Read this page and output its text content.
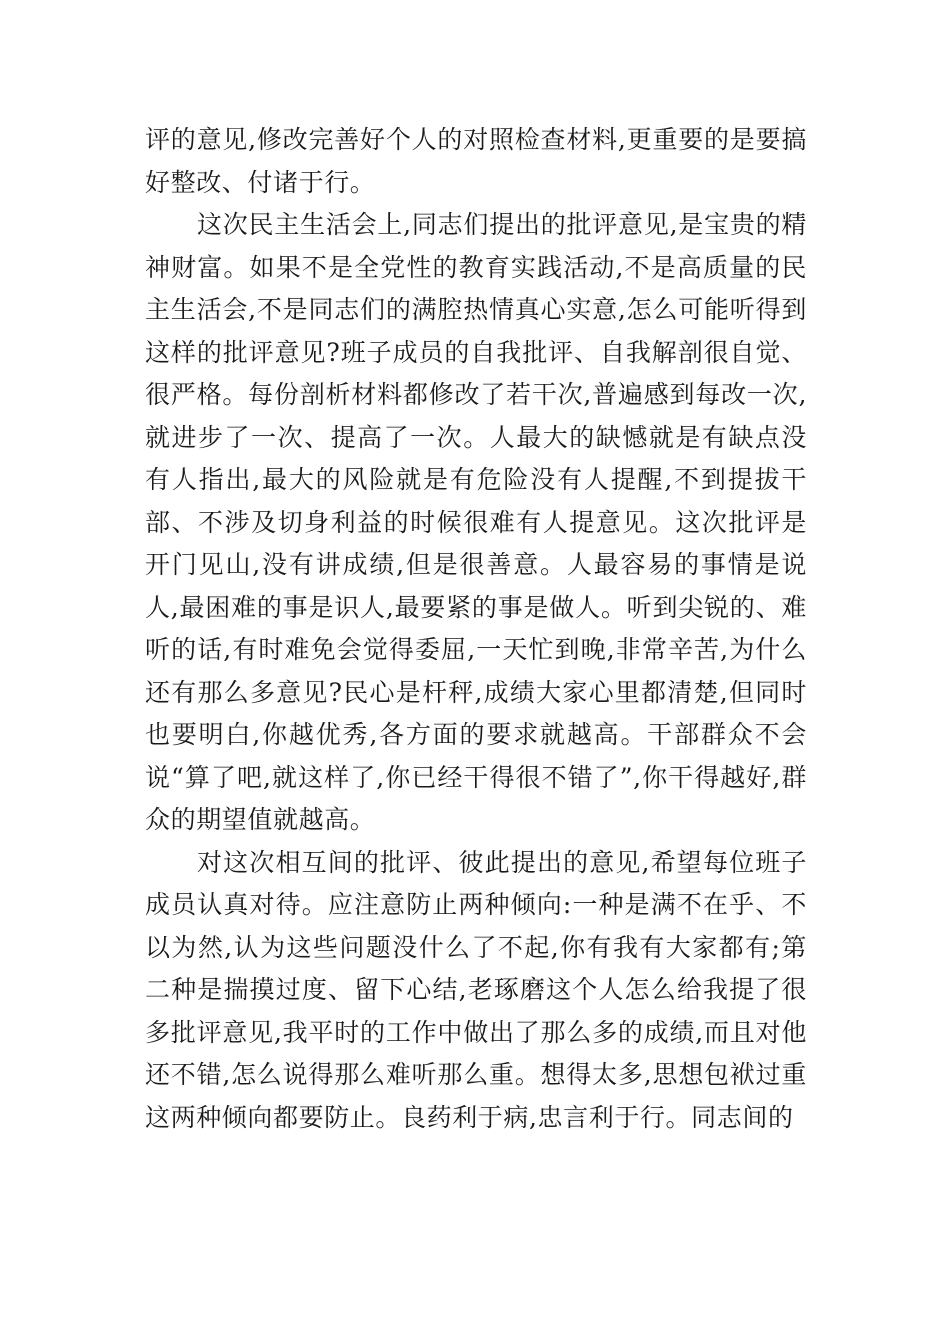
评的意见,修改完善好个人的对照检查材料,更重要的是要搞好整改、付诸于行。

这次民主生活会上,同志们提出的批评意见,是宝贵的精神财富。如果不是全党性的教育实践活动,不是高质量的民主生活会,不是同志们的满腔热情真心实意,怎么可能听得到这样的批评意见?班子成员的自我批评、自我解剖很自觉、很严格。每份剖析材料都修改了若干次,普遍感到每改一次,就进步了一次、提高了一次。人最大的缺憾就是有缺点没有人指出,最大的风险就是有危险没有人提醒,不到提拔干部、不涉及切身利益的时候很难有人提意见。这次批评是开门见山,没有讲成绩,但是很善意。人最容易的事情是说人,最困难的事是识人,最要紧的事是做人。听到尖锐的、难听的话,有时难免会觉得委屈,一天忙到晚,非常辛苦,为什么还有那么多意见?民心是杆秤,成绩大家心里都清楚,但同时也要明白,你越优秀,各方面的要求就越高。干部群众不会说“算了吧,就这样了,你已经干得很不错了”,你干得越好,群众的期望值就越高。

对这次相互间的批评、彼此提出的意见,希望每位班子成员认真对待。应注意防止两种倾向:一种是满不在乎、不以为然,认为这些问题没什么了不起,你有我有大家都有;第二种是揣摸过度、留下心结,老琢磨这个人怎么给我提了很多批评意见,我平时的工作中做出了那么多的成绩,而且对他还不错,怎么说得那么难听那么重。想得太多,思想包袱过重这两种倾向都要防止。良药利于病,忠言利于行。同志间的
